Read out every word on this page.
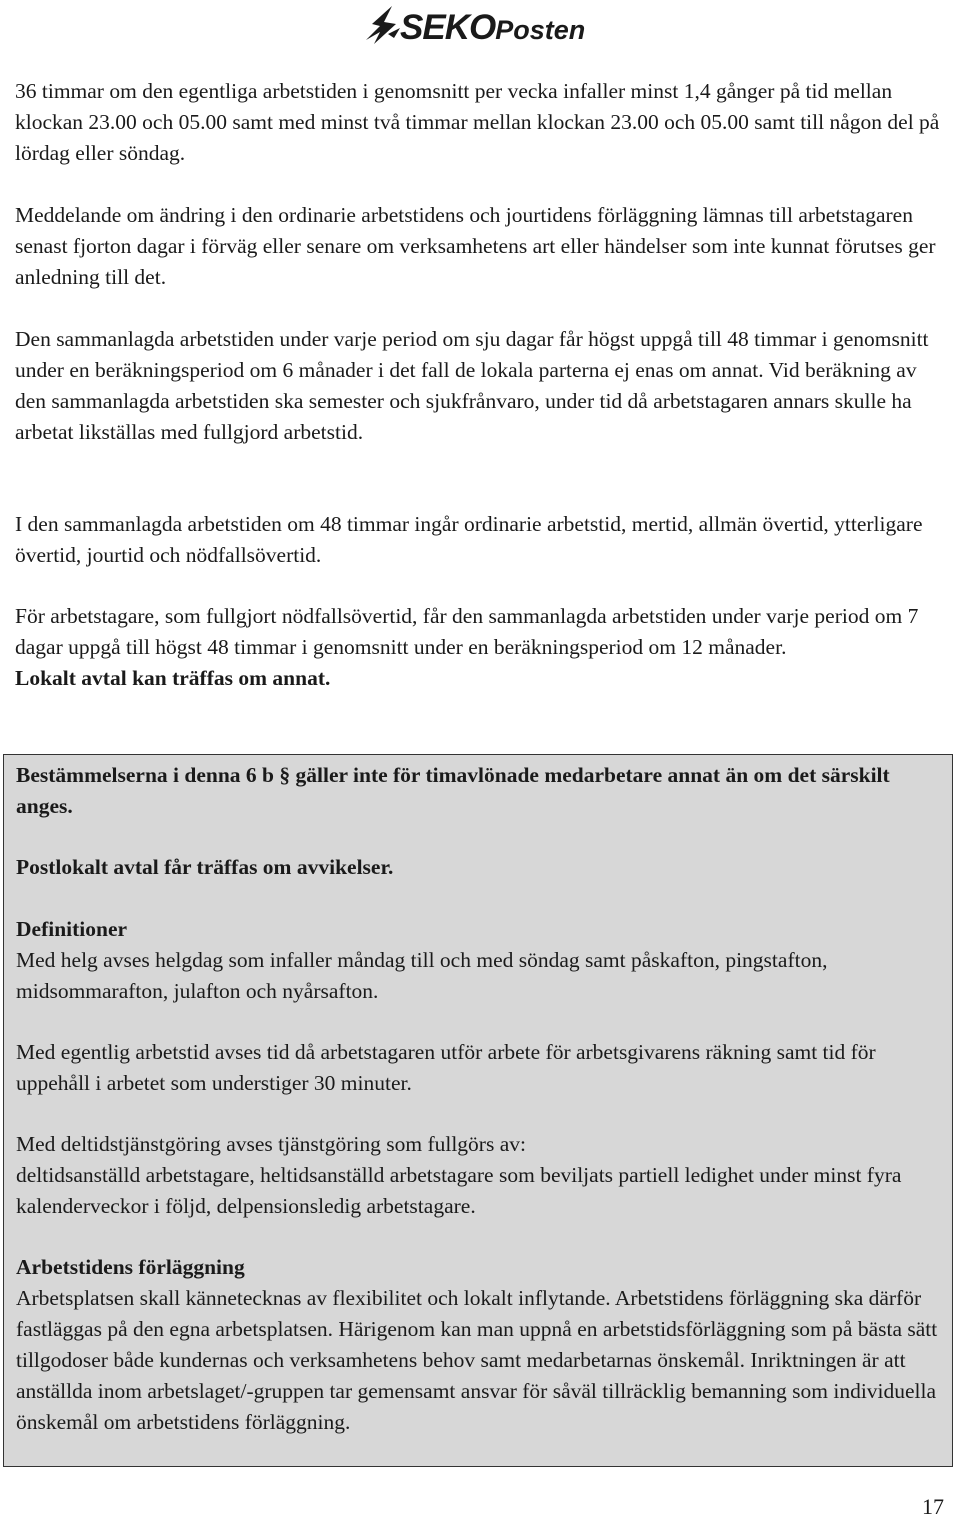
SEKOPosten

36 timmar om den egentliga arbetstiden i genomsnitt per vecka infaller minst 1,4 gånger på tid mellan klockan 23.00 och 05.00 samt med minst två timmar mellan klockan 23.00 och 05.00 samt till någon del på lördag eller söndag.

Meddelande om ändring i den ordinarie arbetstidens och jourtidens förläggning lämnas till arbetstagaren senast fjorton dagar i förväg eller senare om verksamhetens art eller händelser som inte kunnat förutses ger anledning till det.

Den sammanlagda arbetstiden under varje period om sju dagar får högst uppgå till 48 timmar i genomsnitt under en beräkningsperiod om 6 månader i det fall de lokala parterna ej enas om annat. Vid beräkning av den sammanlagda arbetstiden ska semester och sjukfrånvaro, under tid då arbetstagaren annars skulle ha arbetat likställas med fullgjord arbetstid.

I den sammanlagda arbetstiden om 48 timmar ingår ordinarie arbetstid, mertid, allmän övertid, ytterligare övertid, jourtid och nödfallsövertid.

För arbetstagare, som fullgjort nödfallsövertid, får den sammanlagda arbetstiden under varje period om 7 dagar uppgå till högst 48 timmar i genomsnitt under en beräkningsperiod om 12 månader.
Lokalt avtal kan träffas om annat.

Bestämmelserna i denna 6 b § gäller inte för timavlönade medarbetare annat än om det särskilt anges.

Postlokalt avtal får träffas om avvikelser.

Definitioner
Med helg avses helgdag som infaller måndag till och med söndag samt påskafton, pingstafton, midsommarafton, julafton och nyårsafton.

Med egentlig arbetstid avses tid då arbetstagaren utför arbete för arbetsgivarens räkning samt tid för uppehåll i arbetet som understiger 30 minuter.

Med deltidstjänstgöring avses tjänstgöring som fullgörs av:
deltidsanställd arbetstagare, heltidsanställd arbetstagare som beviljats partiell ledighet under minst fyra kalenderveckor i följd, delpensionsledig arbetstagare.
Arbetstidens förläggning
Arbetsplatsen skall kännetecknas av flexibilitet och lokalt inflytande. Arbetstidens förläggning ska därför fastläggas på den egna arbetsplatsen. Härigenom kan man uppnå en arbetstidsförläggning som på bästa sätt tillgodoser både kundernas och verksamhetens behov samt medarbetarnas önskemål. Inriktningen är att anställda inom arbetslaget/-gruppen tar gemensamt ansvar för såväl tillräcklig bemanning som individuella önskemål om arbetstidens förläggning.
17
